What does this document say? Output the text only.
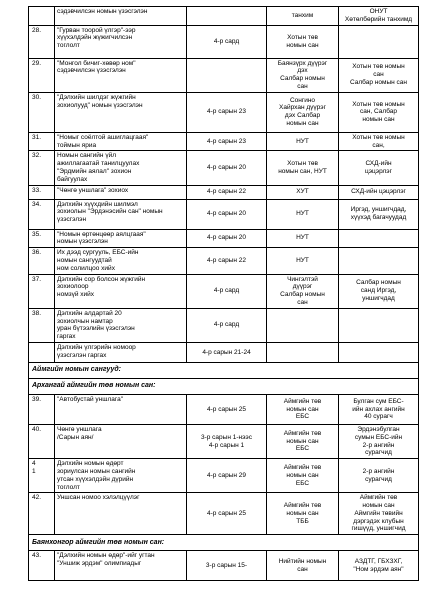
	сэдэвчилсэн номын үзэсгэлэн		танхим	ОНУТ
Хөтөлбөрийн танхимд

28.	"Гурван тоорой үлгэр"-ээр
хүүхэлдэйн жүжигчилсэн
тоглолт	4-р сард	Хотын төв
номын сан	

29.	"Монгол бичиг-хөвөр ном"
сэдэвчилсэн үзэсгэлэн		Баянзүрх дүүрэг
дэх
Салбар номын
сан	Хотын төв номын
сан
Салбар номын сан

30.	"Дэлхийн шилдэг жүжгийн
зохиолууд" номын үзэсгэлэн	4-р сарын 23	Сонгино
Хайрхан дүүрэг
дэх Салбар
номын сан	Хотын төв номын
сан, Салбар
номын сан

31.	"Номыг соёлтой ашиглацгаая"
тоймын яриа	4-р сарын 23	НУТ	Хотын төв номын
сан,

32.	Номын сангийн үйл
ажиллагаатай танилцуулах
"Эрдмийн аялал" зохион
байгуулах	4-р сарын 20	Хотын төв
номын сан, НУТ	СХД-ийн
цэцэрлэг

33.	"Чөнгө уншлага" зохиох	4-р сарын 22	ХУТ	СХД-ийн цэцэрлэг

34.	Дэлхийн хүүхдийн шилмэл
зохиолын "Эрдэнэсийн сан" номын
үзэсгэлэн	4-р сарын 20	НУТ	Иргэд, уншигчдад,
хүүхэд багачуудад

35.	"Номын өртөнцөөр аялцгаая"
номын үзэсгэлэн	4-р сарын 20	НУТ	

36.	Их дээд сургууль, ЕБС-ийн
номын сангуудтай
ном солилцоо хийх	4-р сарын 22	НУТ	

37.	Дэлхийн сор болсон жүжгийн
зохиолоор
номзүй хийх	4-р сард	Чингэлтэй
дүүрэг
Салбар номын
сан	Салбар номын
санд Иргэд,
уншигчдад

38.	Дэлхийн алдартай 20
зохиолчын намтар
уран бүтээлийн үзэсгэлэн
гаргах	4-р сард		

	Дэлхийн үлгэрийн номоор
үзэсгэлэн гаргах	4-р сарын 21-24		

Аймгийн номын сангууд:				
Архангай аймгийн төв номын сан:				

39.	"Автобустай уншлага"	4-р сарын 25	Аймгийн төв
номын сан
ЕБС	Булган сум ЕБС-
ийн ахлах ангийн
40 сурагч

40.	Чөнгө уншлага
/Сарын аян/	3-р сарын 1-нээс
4-р сарын 1	Аймгийн төв
номын сан
ЕБС	Эрдэнэбулган
сумын ЕБС-ийн
2-р ангийн
сурагчид

4
1	Дэлхийн номын өдөрт
зориулсан номын сангийн
утсан хүүхэлдэйн дүрийн
тоглолт	4-р сарын 29	Аймгийн төв
номын сан
ЕБС	2-р ангийн
сурагчид

42.	Уншсан номоо хэлэлцүүлэг	4-р сарын 25	Аймгийн төв
номын сан
ТББ	Аймгийн төв
номын сан
Аймгийн төвийн
дэргэдэх клубын
гишүүд, уншигчид

Баянхонгор аймгийн төв номын сан:				

43.	"Дэлхийн номын өдөр"-ийг угтан
"Уншиж эрдэм" олимпиадыг	3-р сарын 15-	Нийтийн номын
сан	АЗДТГ, ГБХЗХГ,
"Ном эрдэм аян"
